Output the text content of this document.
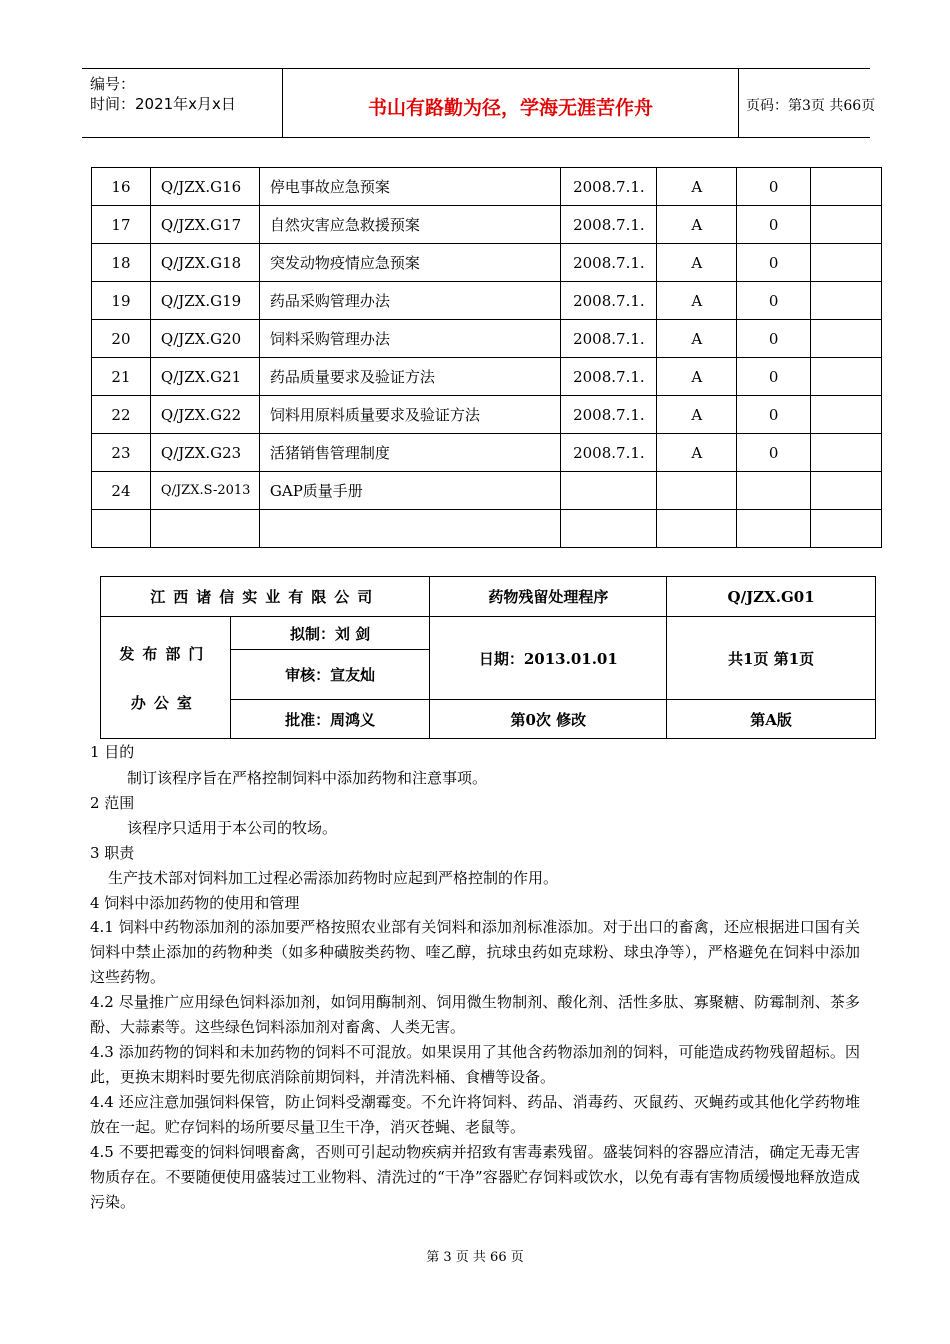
编号：
时间：2021年x月x日	书山有路勤为径，学海无涯苦作舟	页码：第3页 共66页
16	Q/JZX.G16	停电事故应急预案	2008.7.1.	A	0	
17	Q/JZX.G17	自然灾害应急救援预案	2008.7.1.	A	0	
18	Q/JZX.G18	突发动物疫情应急预案	2008.7.1.	A	0	
19	Q/JZX.G19	药品采购管理办法	2008.7.1.	A	0	
20	Q/JZX.G20	饲料采购管理办法	2008.7.1.	A	0	
21	Q/JZX.G21	药品质量要求及验证方法	2008.7.1.	A	0	
22	Q/JZX.G22	饲料用原料质量要求及验证方法	2008.7.1.	A	0	
23	Q/JZX.G23	活猪销售管理制度	2008.7.1.	A	0	
24	Q/JZX.S-2013	GAP质量手册				

江西诸信实业有限公司		药物残留处理程序	Q/JZX.G01

发布部门
办公室	拟制：刘 剑	日期：2013.01.01	共1页 第1页
	审核：宣友灿		
	批准：周鸿义	第0次 修改	第A版
1 目的
制订该程序旨在严格控制饲料中添加药物和注意事项。
2 范围
该程序只适用于本公司的牧场。
3 职责
生产技术部对饲料加工过程必需添加药物时应起到严格控制的作用。
4 饲料中添加药物的使用和管理
4.1 饲料中药物添加剂的添加要严格按照农业部有关饲料和添加剂标准添加。对于出口的畜禽，还应根据进口国有关饲料中禁止添加的药物种类（如多种磺胺类药物、喹乙醇，抗球虫药如克球粉、球虫净等），严格避免在饲料中添加这些药物。
4.2 尽量推广应用绿色饲料添加剂，如饲用酶制剂、饲用微生物制剂、酸化剂、活性多肽、寡聚糖、防霉制剂、茶多酚、大蒜素等。这些绿色饲料添加剂对畜禽、人类无害。
4.3 添加药物的饲料和未加药物的饲料不可混放。如果误用了其他含药物添加剂的饲料，可能造成药物残留超标。因此，更换末期料时要先彻底消除前期饲料，并清洗料桶、食槽等设备。
4.4 还应注意加强饲料保管，防止饲料受潮霉变。不允许将饲料、药品、消毒药、灭鼠药、灭蝇药或其他化学药物堆放在一起。贮存饲料的场所要尽量卫生干净，消灭苍蝇、老鼠等。
4.5 不要把霉变的饲料饲喂畜禽，否则可引起动物疾病并招致有害毒素残留。盛装饲料的容器应清洁，确定无毒无害物质存在。不要随便使用盛装过工业物料、清洗过的“干净”容器贮存饲料或饮水，以免有毒有害物质缓慢地释放造成污染。
第 3 页 共 66 页
